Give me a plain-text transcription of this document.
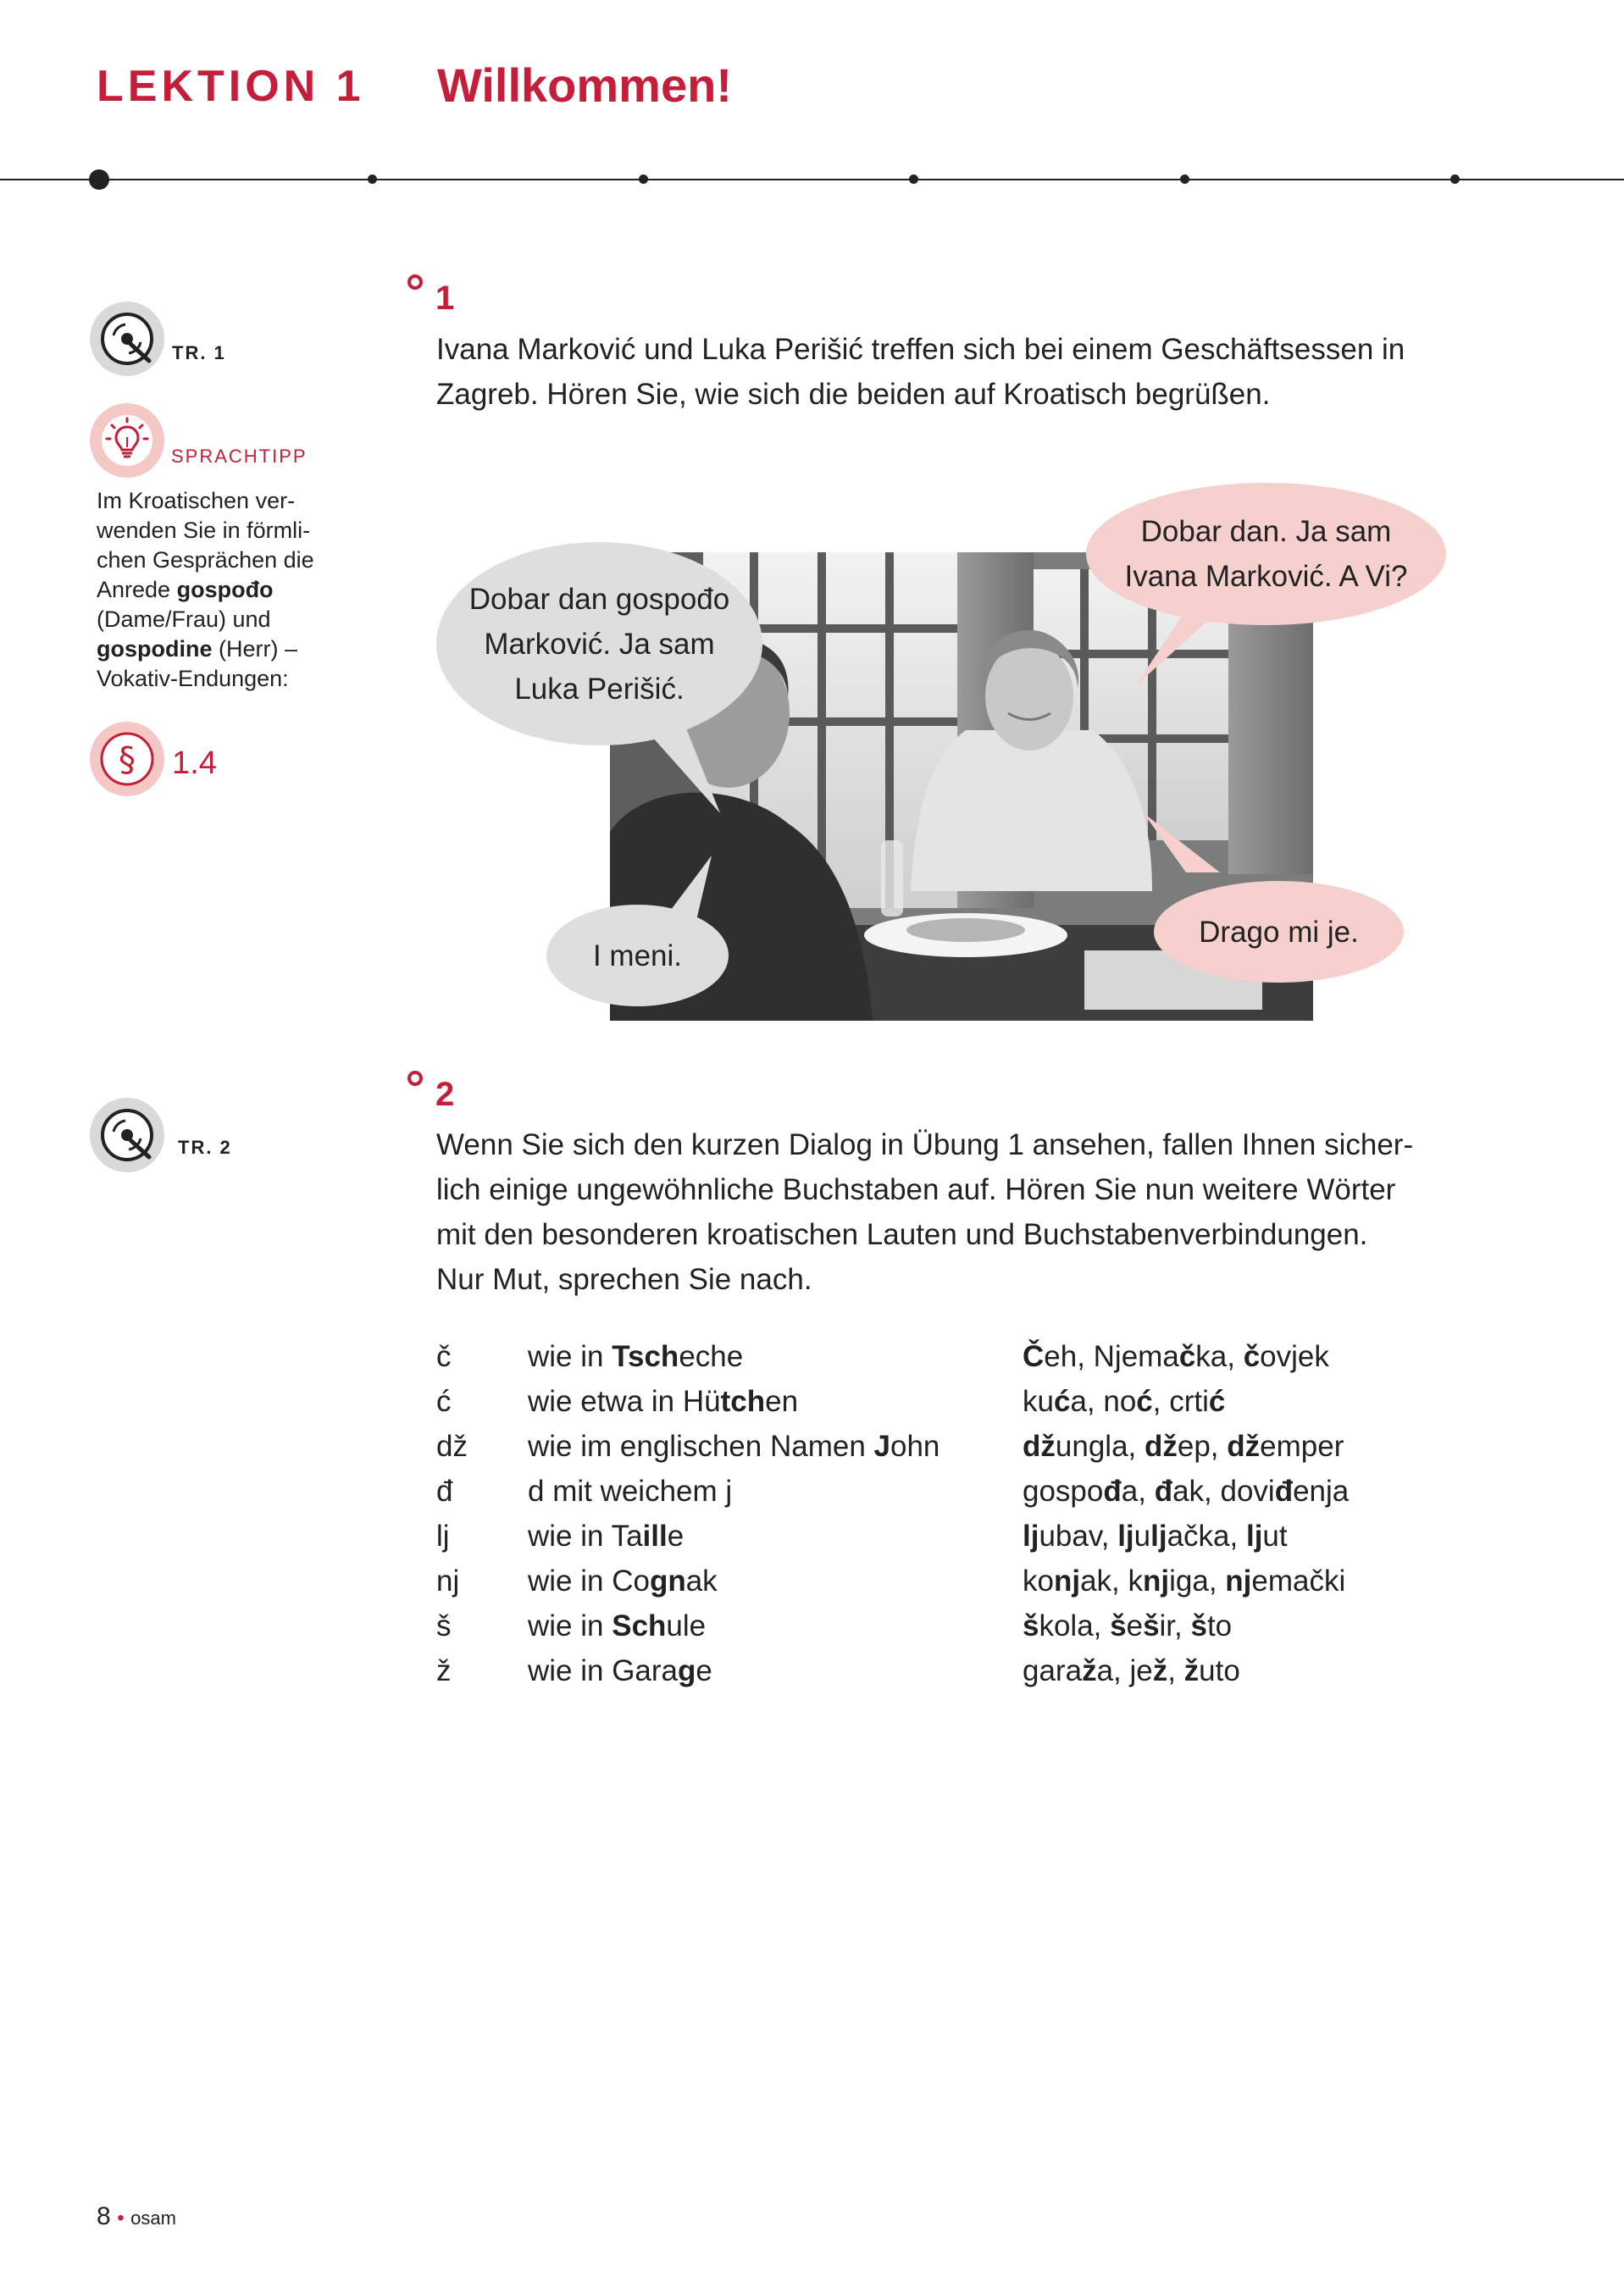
LEKTION 1 Willkommen!
TR. 1
SPRACHTIPP
Im Kroatischen ver-
wenden Sie in förmli-
chen Gesprächen die
Anrede gospođo
(Dame/Frau) und
gospodine (Herr) –
Vokativ-Endungen:
§ 1.4
TR. 2
1
Ivana Marković und Luka Perišić treffen sich bei einem Geschäftsessen in
Zagreb. Hören Sie, wie sich die beiden auf Kroatisch begrüßen.
Dobar dan gospođo
Marković. Ja sam
Luka Perišić.
Dobar dan. Ja sam
Ivana Marković. A Vi?
Drago mi je.
I meni.
2
Wenn Sie sich den kurzen Dialog in Übung 1 ansehen, fallen Ihnen sicher-
lich einige ungewöhnliche Buchstaben auf. Hören Sie nun weitere Wörter
mit den besonderen kroatischen Lauten und Buchstabenverbindungen.
Nur Mut, sprechen Sie nach.
č	wie in Tscheche	Čeh, Njemačka, čovjek
ć	wie etwa in Hütchen	kuća, noć, crtić
dž wie im englischen Namen John	džungla, džep, džemper
đ	d mit weichem j	gospođa, đak, doviđenja
lj	wie in Taille	ljubav, ljuljačka, ljut
nj wie in Cognak	konjak, knjiga, njemački
š	wie in Schule	škola, šešir, što
ž	wie in Garage	garaža, jež, žuto
8 • osam
